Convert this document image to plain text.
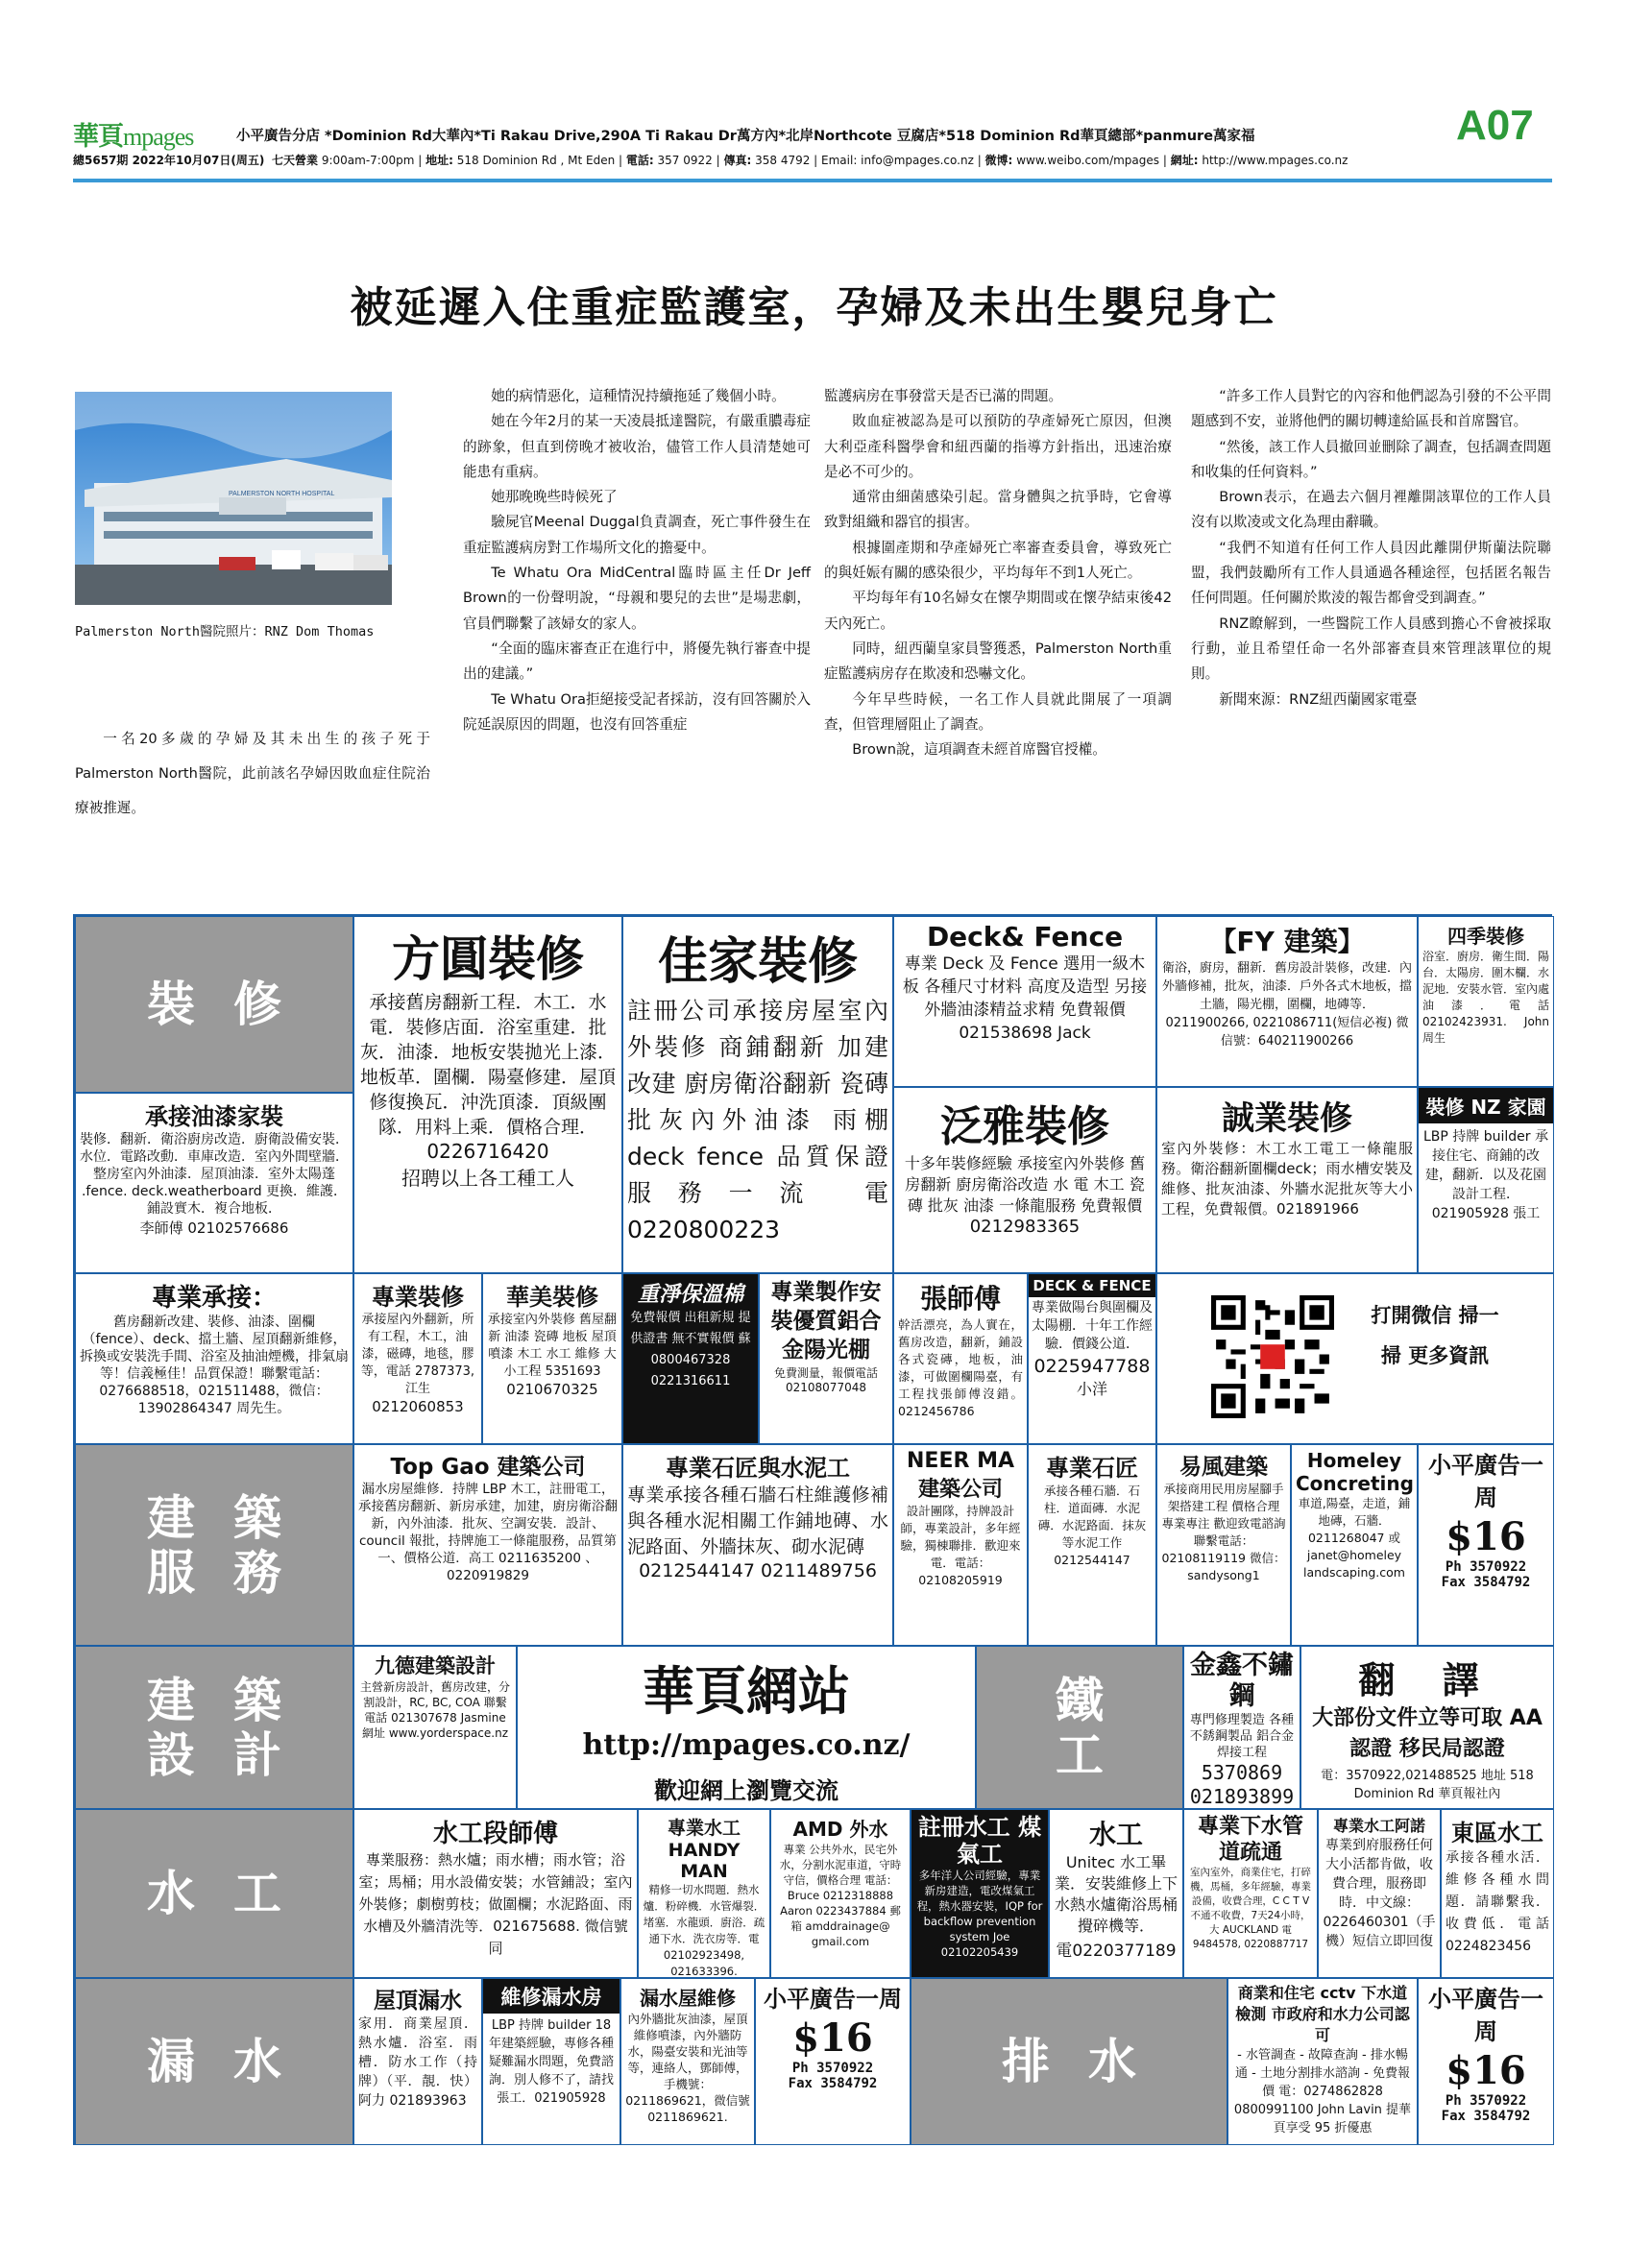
華頁mpages	小平廣告分店 *Dominion Rd大華內*Ti Rakau Drive,290A Ti Rakau Dr萬方內*北岸Northcote 豆腐店*518 Dominion Rd華頁總部*panmure萬家福	A07
總5657期 2022年10月07日(周五) 七天營業 9:00am-7:00pm | 地址: 518 Dominion Rd , Mt Eden | 電話: 357 0922 | 傳真: 358 4792 | Email: info@mpages.co.nz | 微博: www.weibo.com/mpages | 網址: http://www.mpages.co.nz
被延遲入住重症監護室，孕婦及未出生嬰兒身亡
PALMERSTON NORTH HOSPITAL
Palmerston North醫院照片：RNZ Dom Thomas

一名20多歲的孕婦及其未出生的孩子死于Palmerston North醫院，此前該名孕婦因敗血症住院治療被推遲。

她的病情惡化，這種情況持續拖延了幾個小時。

她在今年2月的某一天凌晨抵達醫院，有嚴重膿毒症的跡象，但直到傍晚才被收治，儘管工作人員清楚她可能患有重病。

她那晚晚些時候死了

驗屍官Meenal Duggal負責調查，死亡事件發生在重症監護病房對工作場所文化的擔憂中。

Te Whatu Ora MidCentral臨時區主任Dr Jeff Brown的一份聲明說，“母親和嬰兒的去世”是場悲劇，官員們聯繫了該婦女的家人。

“全面的臨床審查正在進行中，將優先執行審查中提出的建議。”

Te Whatu Ora拒絕接受記者採訪，沒有回答關於入院延誤原因的問題，也沒有回答重症

監護病房在事發當天是否已滿的問題。

敗血症被認為是可以預防的孕產婦死亡原因，但澳大利亞產科醫學會和紐西蘭的指導方針指出，迅速治療是必不可少的。

通常由細菌感染引起。當身體與之抗爭時，它會導致對組織和器官的損害。

根據圍產期和孕產婦死亡率審查委員會，導致死亡的與妊娠有關的感染很少，平均每年不到1人死亡。

平均每年有10名婦女在懷孕期間或在懷孕結束後42天內死亡。

同時，紐西蘭皇家員警獲悉，Palmerston North重症監護病房存在欺凌和恐嚇文化。

今年早些時候，一名工作人員就此開展了一項調查，但管理層阻止了調查。

Brown說，這項調查未經首席醫官授權。

“許多工作人員對它的內容和他們認為引發的不公平問題感到不安，並將他們的關切轉達給區長和首席醫官。

“然後，該工作人員撤回並刪除了調查，包括調查問題和收集的任何資料。”

Brown表示，在過去六個月裡離開該單位的工作人員沒有以欺凌或文化為理由辭職。

“我們不知道有任何工作人員因此離開伊斯蘭法院聯盟，我們鼓勵所有工作人員通過各種途徑，包括匿名報告任何問題。任何關於欺淩的報告都會受到調查。”

RNZ瞭解到，一些醫院工作人員感到擔心不會被採取行動，並且希望任命一名外部審查員來管理該單位的規則。

新聞來源：RNZ紐西蘭國家電臺

裝修
建築
服務
建築
設計
水工
漏水
鐵工
排水
承接油漆家裝
裝修．翻新．衛浴廚房改造．廚衛設備安裝．水位．電路改動．車庫改造．室內外間壁牆．整房室內外油漆．屋頂油漆．室外太陽蓬 .fence. deck.weatherboard 更換．維護．鋪設實木．複合地板．
李師傅 02102576686
方圓裝修
承接舊房翻新工程．木工．水電．裝修店面．浴室重建．批灰．油漆．地板安裝拋光上漆．地板革．圍欄．陽臺修建．屋頂修復換瓦．沖洗頂漆．頂級團隊．用料上乘．價格合理．
0226716420
招聘以上各工種工人
佳家裝修
註冊公司承接房屋室內外裝修 商鋪翻新 加建 改建 廚房衛浴翻新 瓷磚 批灰內外油漆 雨棚 deck fence 品質保證 服務一流 電 0220800223
Deck& Fence
專業 Deck 及 Fence 選用一級木板 各種尺寸材料 高度及造型 另接外牆油漆精益求精 免費報價 021538698 Jack
【FY 建築】
衛浴，廚房，翻新．舊房設計裝修，改建．內外牆修補，批灰，油漆．戶外各式木地板，擋土牆，陽光棚，圍欄，地磚等．0211900266, 0221086711(短信必複) 微信號：640211900266
四季裝修
浴室．廚房．衛生間．陽台．太陽房．圍木欄．水泥地．安裝水管．室內處油漆．電話 02102423931. John 周生
泛雅裝修
十多年裝修經驗 承接室內外裝修 舊房翻新 廚房衛浴改造 水 電 木工 瓷磚 批灰 油漆 一條龍服務 免費報價
0212983365
誠業裝修
室內外裝修：木工水工電工一條龍服務。衛浴翻新圍欄deck；雨水槽安裝及維修、批灰油漆、外牆水泥批灰等大小工程，免費報價。021891966
裝修 NZ 家園
LBP 持牌 builder 承接住宅、商鋪的改建，翻新．以及花園設計工程．021905928 張工
專業承接：
舊房翻新改建、裝修、油漆、圍欄（fence）、deck、擋土牆、屋頂翻新維修，拆換或安裝洗手間、浴室及抽油煙機，排氣扇等！信義極佳！品質保證！聯繫電話：0276688518，021511488，微信：13902864347 周先生。
專業裝修
承接屋內外翻新，所有工程，木工，油漆，磁磚，地毯，膠等，電話 2787373, 江生
0212060853
華美裝修
承接室內外裝修 舊屋翻新 油漆 瓷磚 地板 屋頂 噴漆 木工 水工 維修 大小工程 5351693
0210670325
重淨保溫棉
免費報價 出租新規 提供證書 無不實報價 蘇 0800467328 0221316611
專業製作安裝優質鋁合金陽光棚
免費測量，報價電話 02108077048
張師傅
幹活漂亮，為人實在，舊房改造，翻新，鋪設各式瓷磚，地板，油漆，可做圍欄陽臺，有工程找張師傅沒錯。0212456786
DECK & FENCE
專業做陽台與圍欄及太陽棚．十年工作經驗．價錢公道．
0225947788
小洋
打開微信 掃一掃 更多資訊
Top Gao 建築公司
漏水房屋維修．持牌 LBP 木工，註冊電工，承接舊房翻新、新房承建，加建，廚房衛浴翻新，內外油漆．批灰、空調安裝．設計、council 報批，持牌施工一條龍服務，品質第一、價格公道．高工 0211635200 、0220919829
專業石匠與水泥工
專業承接各種石牆石柱維護修補與各種水泥相關工作鋪地磚、水泥路面、外牆抹灰、砌水泥磚
0212544147 0211489756
NEER MA 建築公司
設計團隊，持牌設計師，專業設計，多年經驗，獨棟聯排．歡迎來電．電話：02108205919
專業石匠
承接各種石牆．石柱．道面磚．水泥磚．水泥路面．抹灰等水泥工作 0212544147
易風建築
承接商用民用房屋腳手架搭建工程 價格合理 專業專注 歡迎致電諮詢 聯繫電話：02108119119 微信：sandysong1
Homeley Concreting
車道,陽臺，走道，鋪地磚，石牆．0211268047 或 janet@homeley landscaping.com
小平廣告一周
$16
Ph 3570922
Fax 3584792
九德建築設計
主營新房設計，舊房改建，分割設計，RC, BC, COA 聯繫電話 021307678 Jasmine 網址 www.yorderspace.nz
華頁網站
http://mpages.co.nz/
歡迎網上瀏覽交流
金鑫不鏽鋼
專門修理製造 各種不銹鋼製品 鋁合金焊接工程
5370869 021893899
翻 譯
大部份文件立等可取 AA 認證 移民局認證
電：3570922,021488525 地址 518 Dominion Rd 華頁報社內
水工段師傅
專業服務：熱水爐；雨水槽；雨水管；浴室；馬桶；用水設備安裝；水管鋪設；室內外裝修；劇樹剪枝；做圍欄；水泥路面、雨水槽及外牆清洗等．021675688. 微信號同
專業水工 HANDY MAN
精修一切水問題．熱水爐．粉碎機．水管爆裂．堵塞．水龍頭．廚浴．疏通下水．洗衣房等．電 02102923498, 021633396.
AMD 外水
專業 公共外水，民宅外水，分割水泥車道，守時守信，價格合理 電話：Bruce 0212318888 Aaron 0223437884 郵箱 amddrainage@ gmail.com
註冊水工 煤氣工
多年洋人公司經驗，專業新房建造，電改煤氣工程，熱水器安裝，IQP for backflow prevention system Joe 02102205439
水工
Unitec 水工畢業．安裝維修上下水熱水爐衛浴馬桶攪碎機等．
電0220377189
專業下水管道疏通
室內室外，商業住宅，打碎機，馬桶，多年經驗，專業設備，收費合理，C C T V 不通不收費，7天24小時，大 AUCKLAND 電 9484578, 0220887717
專業水工阿諾
專業到府服務任何大小活都肯做，收費合理，服務即時．中文線：0226460301（手機）短信立即回復
東區水工
承接各種水活．維修各種水問題．請聯繫我．收費低．電話 0224823456
屋頂漏水
家用．商業屋頂．熱水爐．浴室．雨槽．防水工作（持牌）（平．靚．快）阿力 021893963
維修漏水房
LBP 持牌 builder 18 年建築經驗，專修各種疑難漏水問題，免費諮詢．別人修不了，請找張工．021905928
漏水屋維修
內外牆批灰油漆，屋頂維修噴漆，內外牆防水，陽臺安裝和光油等等，連絡人，鄧師傅，手機號：0211869621，微信號 0211869621.
小平廣告一周
$16
Ph 3570922
Fax 3584792
商業和住宅 cctv 下水道檢測 市政府和水力公司認可
- 水管調查 - 故障查詢 - 排水暢通 - 土地分割排水諮詢 - 免費報價 電：0274862828 0800991100 John Lavin 提華頁享受 95 折優惠
小平廣告一周
$16
Ph 3570922
Fax 3584792
